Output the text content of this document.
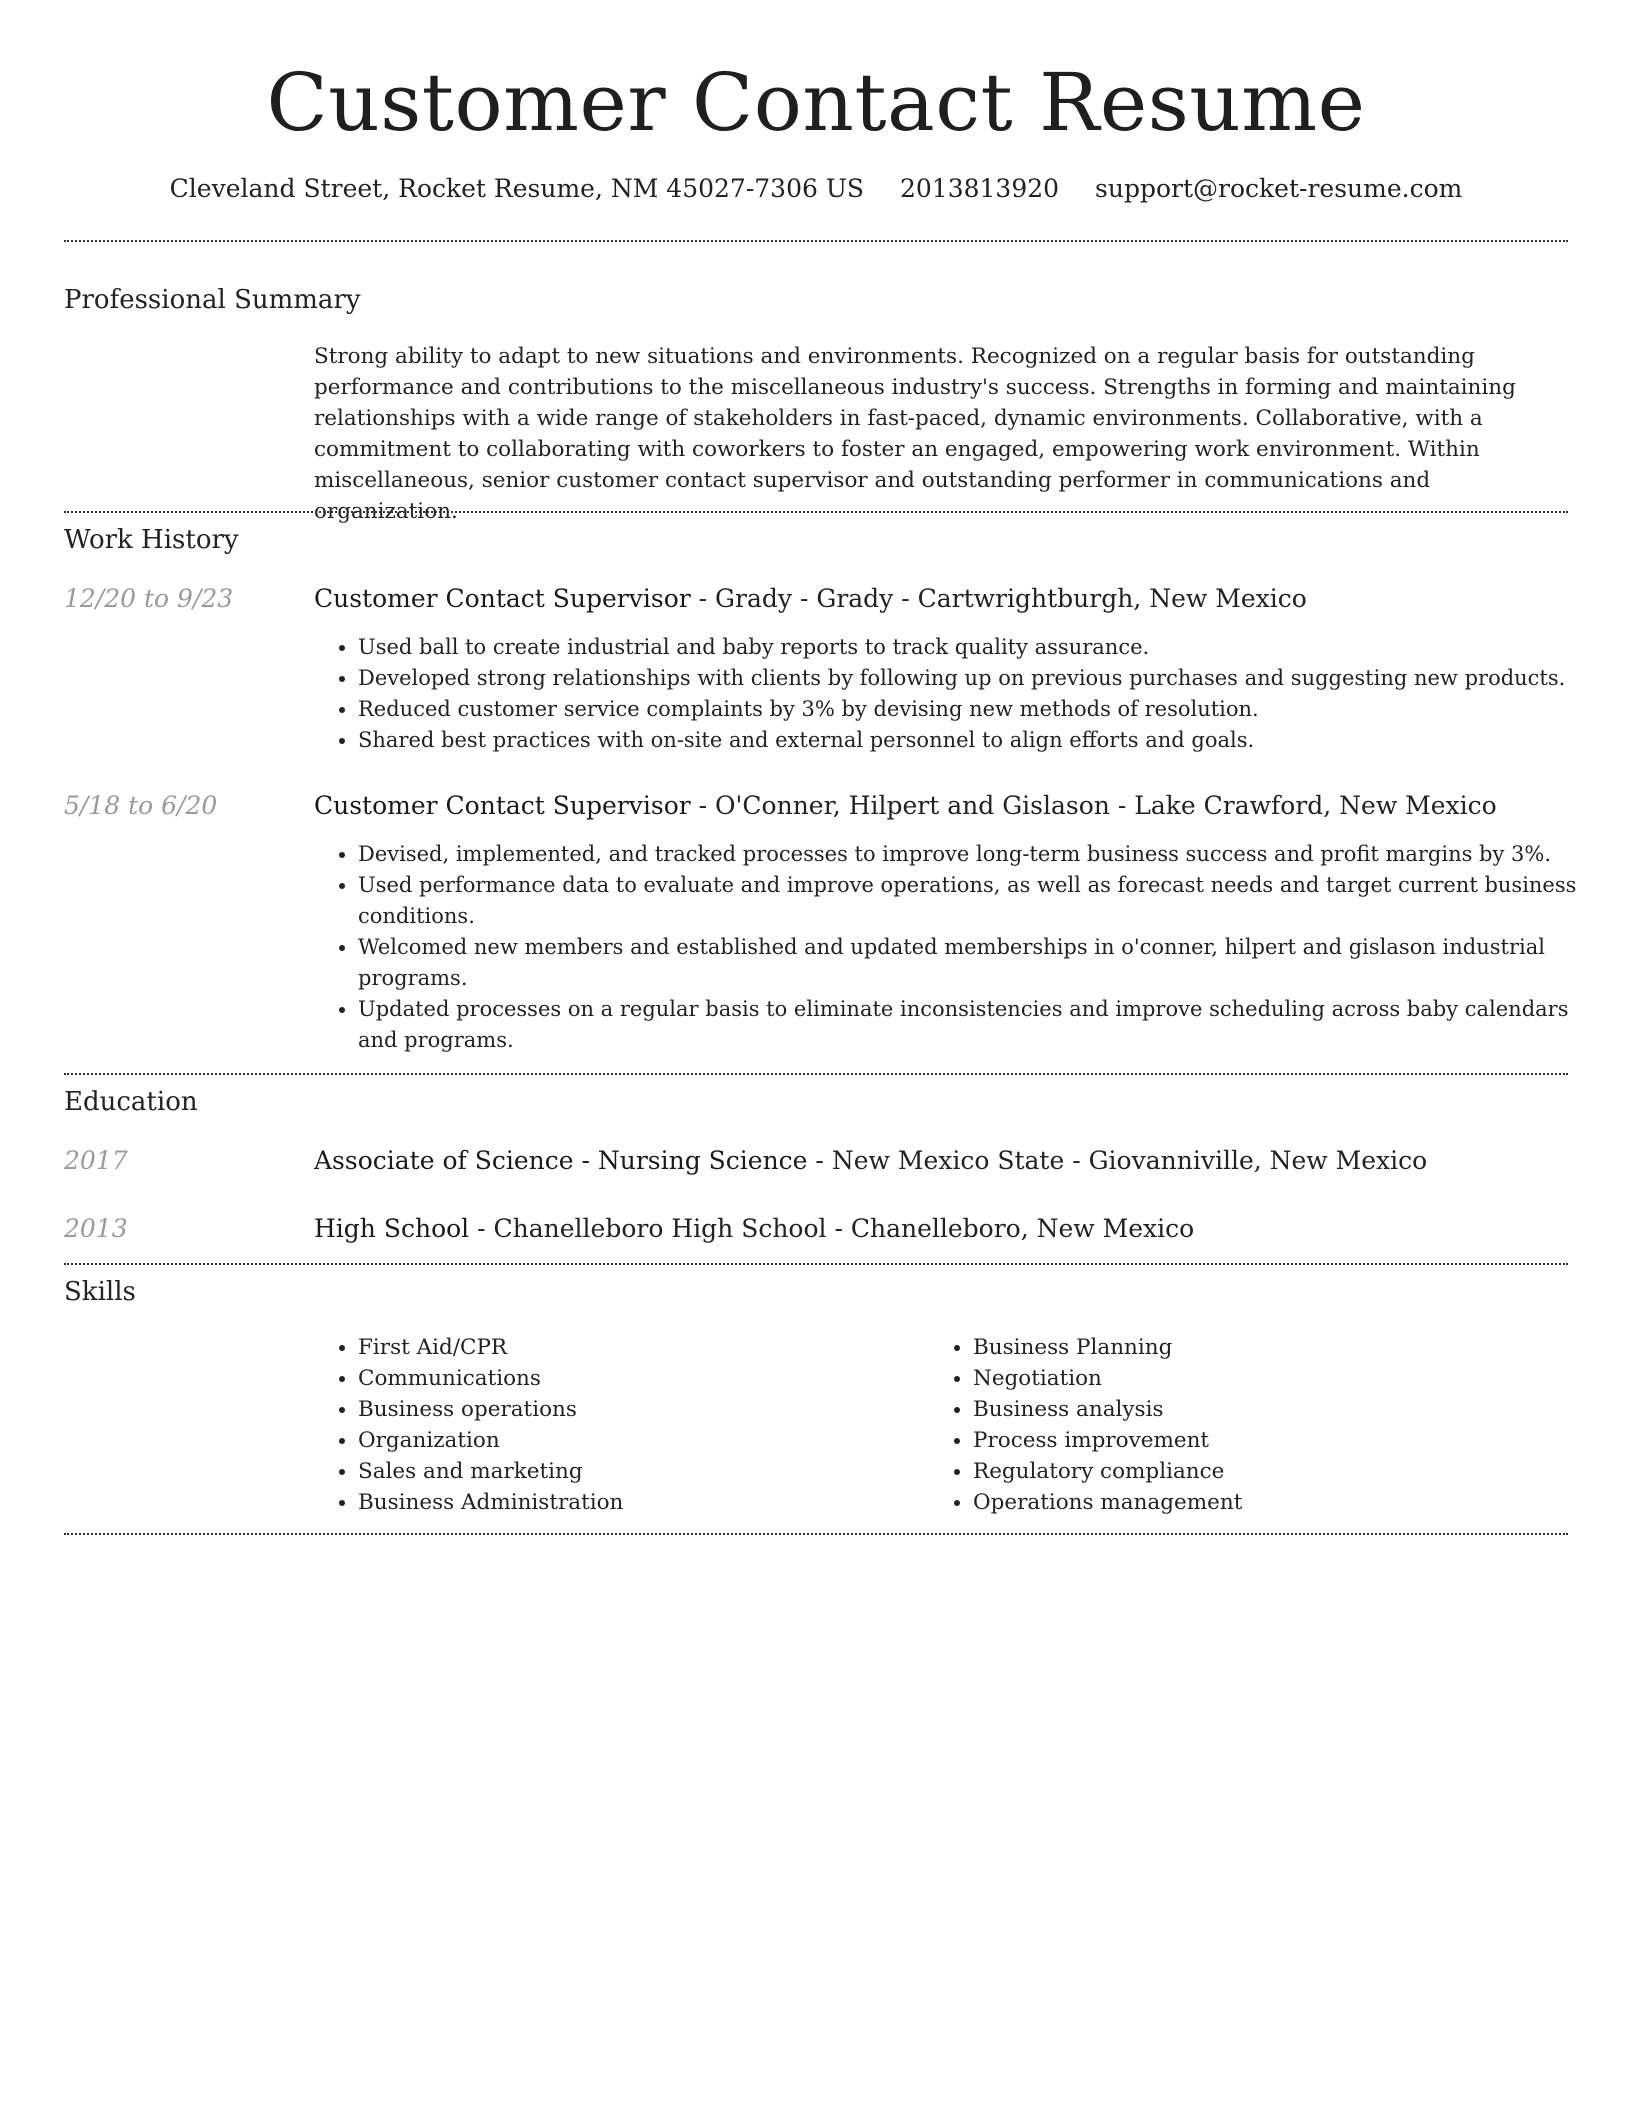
Customer Contact Resume
Cleveland Street, Rocket Resume, NM 45027-7306 US 2013813920 support@rocket-resume.com
Professional Summary

Strong ability to adapt to new situations and environments. Recognized on a regular basis for outstanding performance and contributions to the miscellaneous industry's success. Strengths in forming and maintaining relationships with a wide range of stakeholders in fast-paced, dynamic environments. Collaborative, with a commitment to collaborating with coworkers to foster an engaged, empowering work environment. Within miscellaneous, senior customer contact supervisor and outstanding performer in communications and organization.

Work History
12/20 to 9/23	Customer Contact Supervisor - Grady - Grady - Cartwrightburgh, New Mexico
• Used ball to create industrial and baby reports to track quality assurance.
• Developed strong relationships with clients by following up on previous purchases and suggesting new products.
• Reduced customer service complaints by 3% by devising new methods of resolution.
• Shared best practices with on-site and external personnel to align efforts and goals.
5/18 to 6/20	Customer Contact Supervisor - O'Conner, Hilpert and Gislason - Lake Crawford, New Mexico
• Devised, implemented, and tracked processes to improve long-term business success and profit margins by 3%.
• Used performance data to evaluate and improve operations, as well as forecast needs and target current business conditions.
• Welcomed new members and established and updated memberships in o'conner, hilpert and gislason industrial programs.
• Updated processes on a regular basis to eliminate inconsistencies and improve scheduling across baby calendars and programs.
Education
2017	Associate of Science - Nursing Science - New Mexico State - Giovanniville, New Mexico
2013	High School - Chanelleboro High School - Chanelleboro, New Mexico
Skills
• First Aid/CPR
• Communications
• Business operations
• Organization
• Sales and marketing
• Business Administration
• Business Planning
• Negotiation
• Business analysis
• Process improvement
• Regulatory compliance
• Operations management
